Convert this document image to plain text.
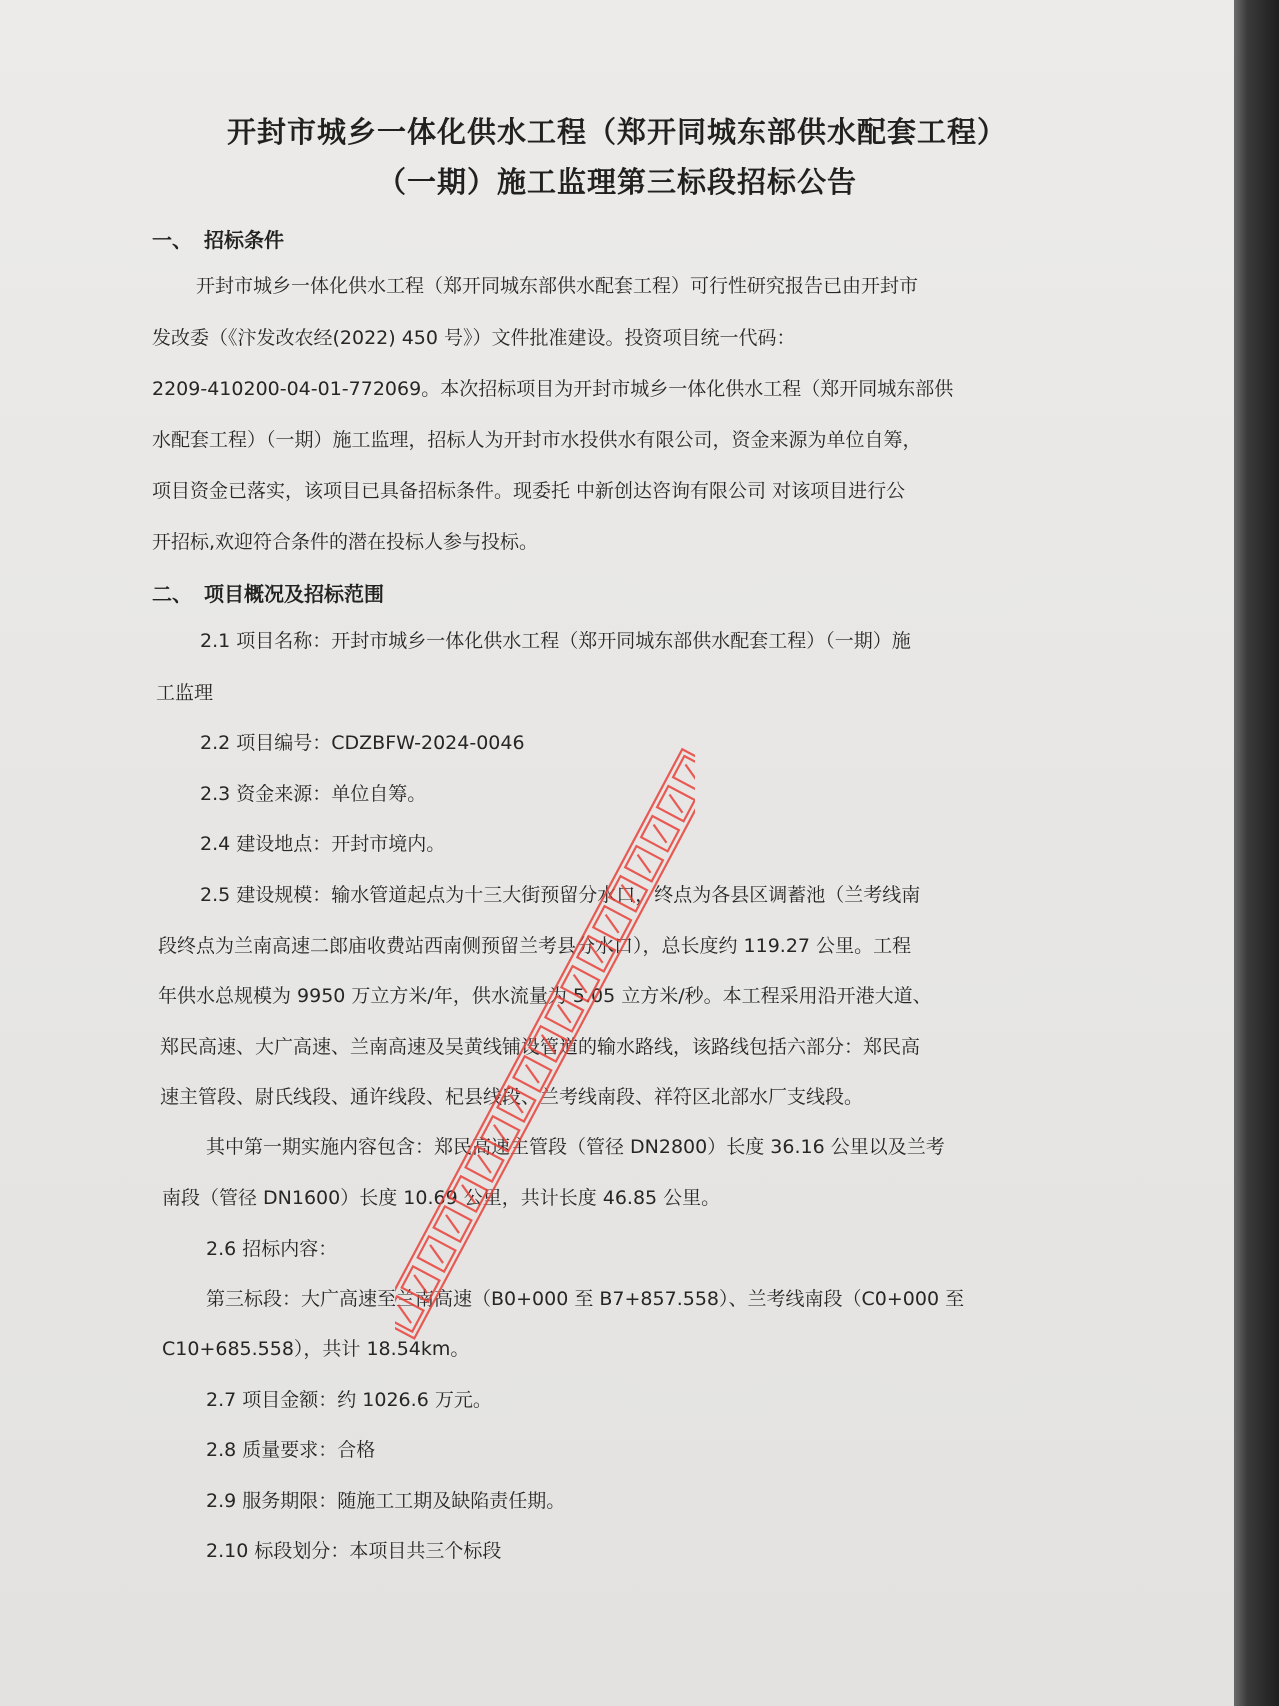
开封市城乡一体化供水工程（郑开同城东部供水配套工程）
（一期）施工监理第三标段招标公告
一、 招标条件
开封市城乡一体化供水工程（郑开同城东部供水配套工程）可行性研究报告已由开封市
发改委（《汴发改农经(2022) 450 号》）文件批准建设。投资项目统一代码：
2209-410200-04-01-772069。本次招标项目为开封市城乡一体化供水工程（郑开同城东部供
水配套工程）（一期）施工监理，招标人为开封市水投供水有限公司，资金来源为单位自筹，
项目资金已落实，该项目已具备招标条件。现委托 中新创达咨询有限公司 对该项目进行公
开招标,欢迎符合条件的潜在投标人参与投标。
二、 项目概况及招标范围
2.1 项目名称：开封市城乡一体化供水工程（郑开同城东部供水配套工程）（一期）施
工监理
2.2 项目编号：CDZBFW-2024-0046
2.3 资金来源：单位自筹。
2.4 建设地点：开封市境内。
2.5 建设规模：输水管道起点为十三大街预留分水口，终点为各县区调蓄池（兰考线南
段终点为兰南高速二郎庙收费站西南侧预留兰考县分水口），总长度约 119.27 公里。工程
年供水总规模为 9950 万立方米/年，供水流量为 5.05 立方米/秒。本工程采用沿开港大道、
郑民高速、大广高速、兰南高速及吴黄线铺设管道的输水路线，该路线包括六部分：郑民高
速主管段、尉氏线段、通许线段、杞县线段、兰考线南段、祥符区北部水厂支线段。
其中第一期实施内容包含：郑民高速主管段（管径 DN2800）长度 36.16 公里以及兰考
南段（管径 DN1600）长度 10.69 公里，共计长度 46.85 公里。
2.6 招标内容：
第三标段：大广高速至兰南高速（B0+000 至 B7+857.558）、兰考线南段（C0+000 至
C10+685.558），共计 18.54km。
2.7 项目金额：约 1026.6 万元。
2.8 质量要求：合格
2.9 服务期限：随施工工期及缺陷责任期。
2.10 标段划分：本项目共三个标段
